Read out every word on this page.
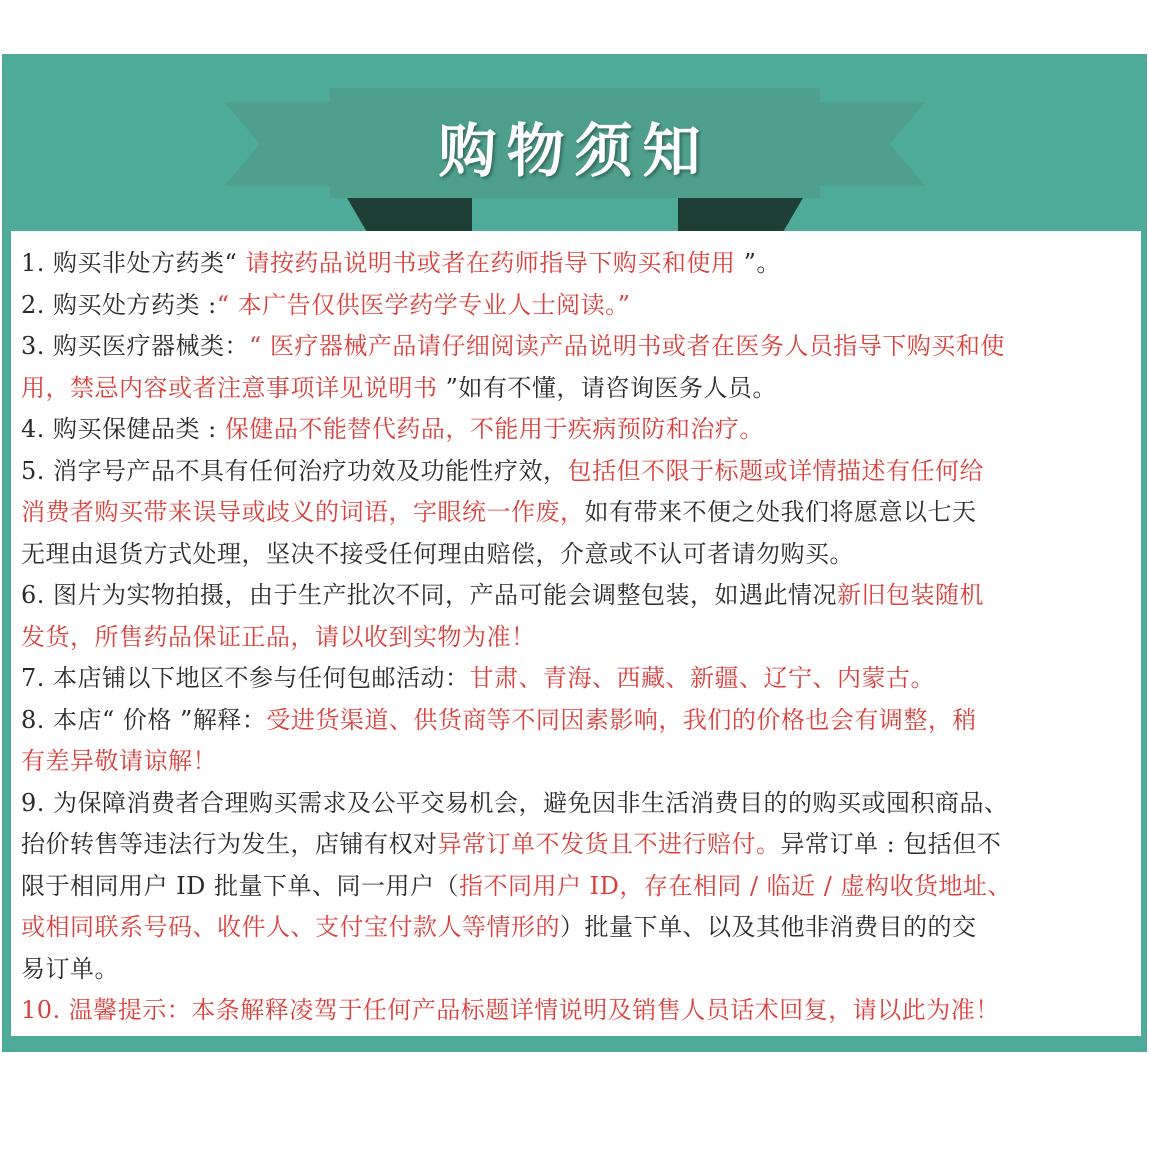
购物须知
1. 购买非处方药类“ 请按药品说明书或者在药师指导下购买和使用 ”。
2. 购买处方药类 :“ 本广告仅供医学药学专业人士阅读。”
3. 购买医疗器械类：“ 医疗器械产品请仔细阅读产品说明书或者在医务人员指导下购买和使
用，禁忌内容或者注意事项详见说明书 ”如有不懂，请咨询医务人员。
4. 购买保健品类 : 保健品不能替代药品，不能用于疾病预防和治疗。
5. 消字号产品不具有任何治疗功效及功能性疗效，包括但不限于标题或详情描述有任何给
消费者购买带来误导或歧义的词语，字眼统一作废，如有带来不便之处我们将愿意以七天
无理由退货方式处理，坚决不接受任何理由赔偿，介意或不认可者请勿购买。
6. 图片为实物拍摄，由于生产批次不同，产品可能会调整包装，如遇此情况新旧包装随机
发货，所售药品保证正品，请以收到实物为准！
7. 本店铺以下地区不参与任何包邮活动：甘肃、青海、西藏、新疆、辽宁、内蒙古。
8. 本店“ 价格 ”解释：受进货渠道、供货商等不同因素影响，我们的价格也会有调整，稍
有差异敬请谅解！
9. 为保障消费者合理购买需求及公平交易机会，避免因非生活消费目的的购买或囤积商品、
抬价转售等违法行为发生，店铺有权对异常订单不发货且不进行赔付。异常订单 : 包括但不
限于相同用户 ID 批量下单、同一用户（指不同用户 ID，存在相同 / 临近 / 虚构收货地址、
或相同联系号码、收件人、支付宝付款人等情形的）批量下单、以及其他非消费目的的交
易订单。
10. 温馨提示：本条解释凌驾于任何产品标题详情说明及销售人员话术回复，请以此为准！
